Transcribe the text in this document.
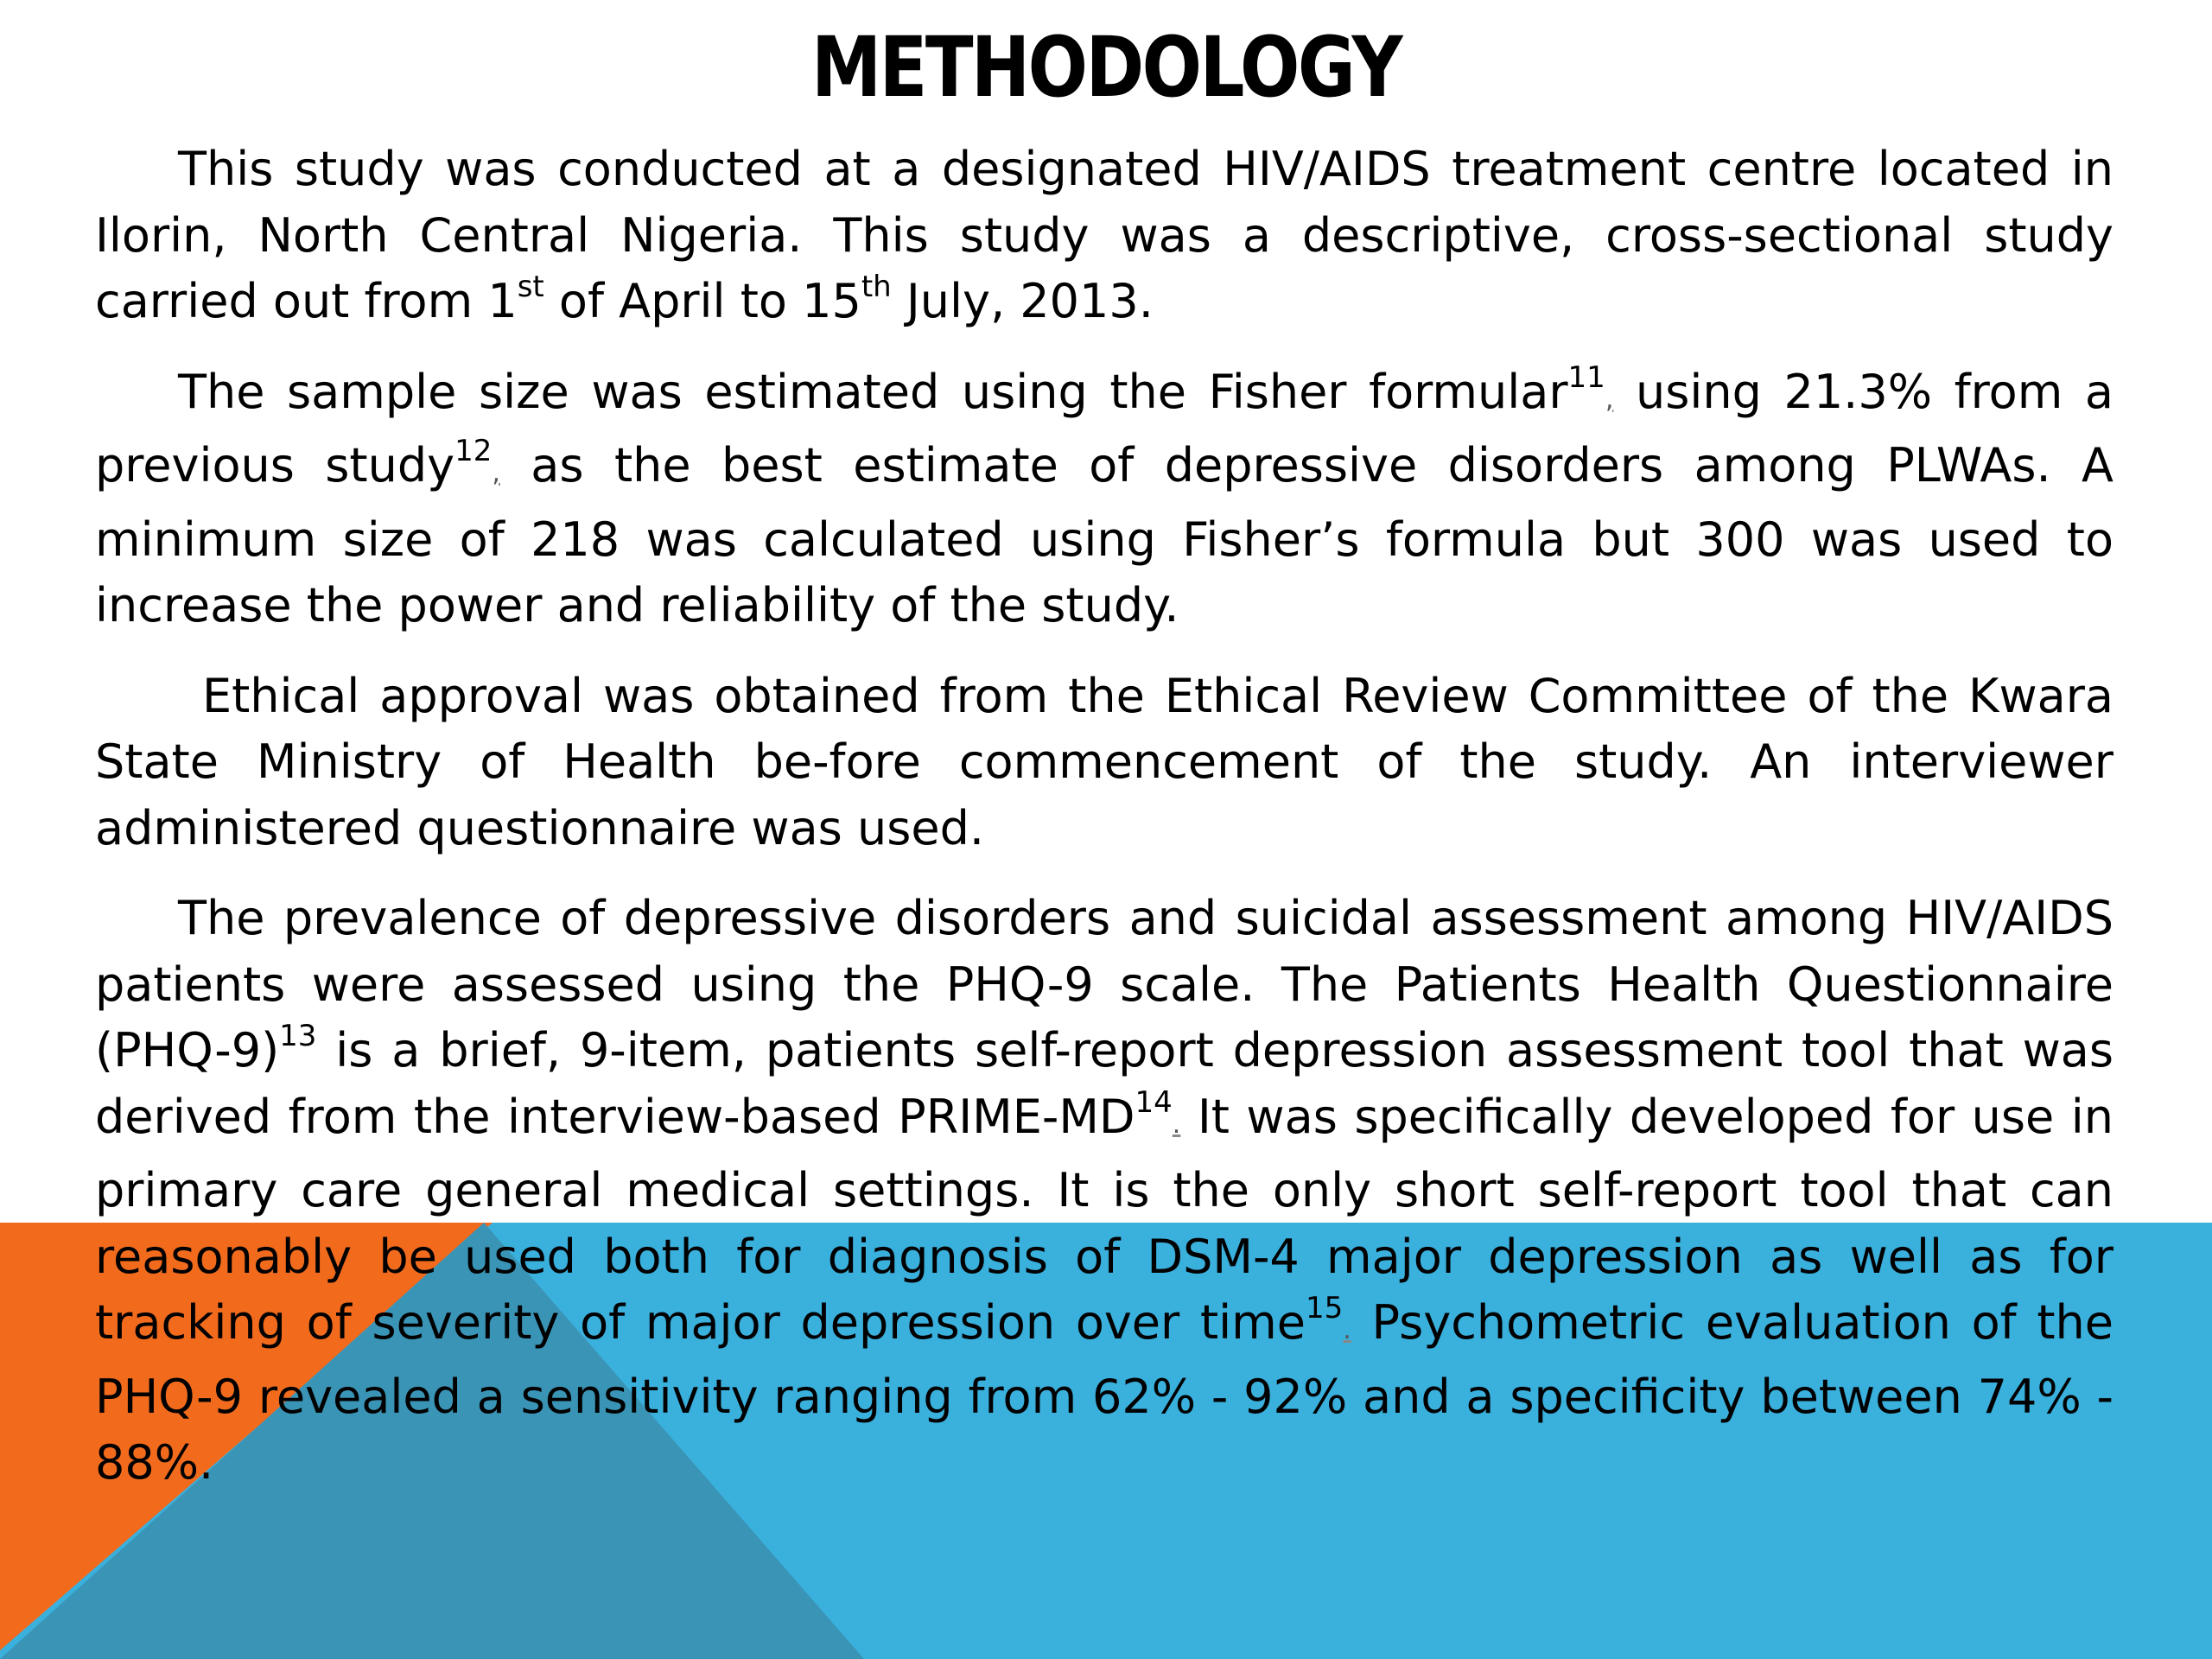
METHODOLOGY

This study was conducted at a designated HIV/AIDS treatment centre located in Ilorin, North Central Nigeria. This study was a descriptive, cross-sectional study carried out from 1st of April to 15th July, 2013.

The sample size was estimated using the Fisher formular$^{11}$, using 21.3% from a previous study$^{12}$, as the best estimate of depressive disorders among PLWAs. A minimum size of 218 was calculated using Fisher’s formula but 300 was used to increase the power and reliability of the study.

Ethical approval was obtained from the Ethical Review Committee of the Kwara State Ministry of Health be-fore commencement of the study. An interviewer administered questionnaire was used.

The prevalence of depressive disorders and suicidal assessment among HIV/AIDS patients were assessed using the PHQ-9 scale. The Patients Health Questionnaire $(PHQ-9)^{13}$ is a brief, 9-item, patients self-report depression assessment tool that was derived from the interview-based PRIME-MD$^{14}$. It was specifically developed for use in primary care general medical settings. It is the only short self-report tool that can reasonably be used both for diagnosis of DSM-4 major depression as well as for tracking of severity of major depression over time$^{15}$. Psychometric evaluation of the PHQ-9 revealed a sensitivity ranging from 62% - 92% and a specificity between 74% - 88%.
